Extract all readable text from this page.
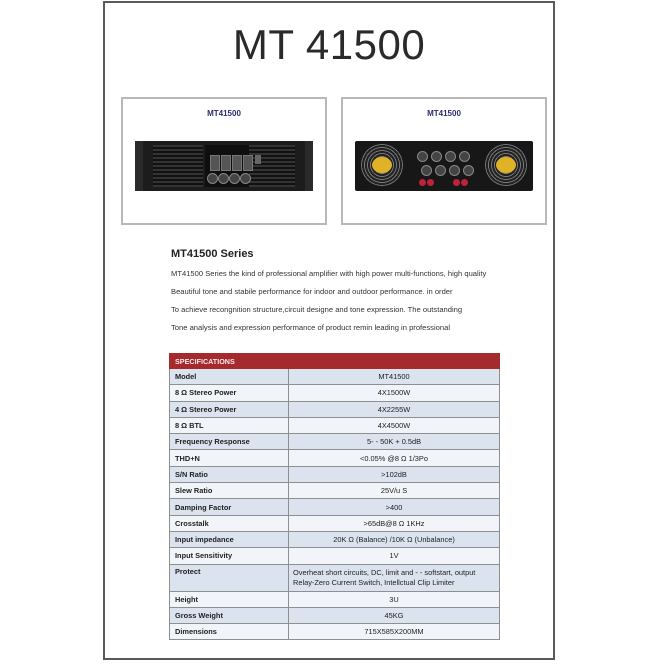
MT 41500
MT41500	MT41500
MT41500 Series
MT41500 Series the kind of professional amplifier with high power multi-functions, high quality
Beautiful tone and stabile performance for indoor and outdoor performance. in order
To achieve recongnition structure,circuit designe and tone expression. The outstanding
Tone analysis and expression performance of product remin leading in professional
SPECIFICATIONS	
Model	MT41500
8 Ω Stereo Power	4X1500W
4 Ω Stereo Power	4X2255W
8 Ω BTL	4X4500W
Frequency Response	5- - 50K + 0.5dB
THD+N	<0.05% @8 Ω 1/3Po
S/N Ratio	>102dB
Slew Ratio	25V/u S
Damping Factor	>400
Crosstalk	>65dB@8 Ω 1KHz
Input impedance	20K Ω (Balance) /10K Ω (Unbalance)
Input Sensitivity	1V
Protect	Overheat short circuits, DC, limit and - - softstart, output
Relay-Zero Current Switch, Intellctual Clip Limiter

Height	3U
Gross Weight	45KG
Dimensions	715X585X200MM
